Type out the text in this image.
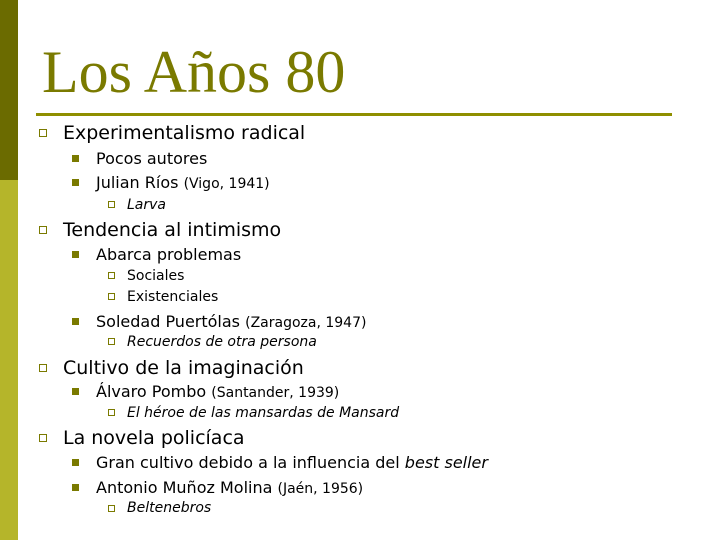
Los Años 80
Experimentalismo radical
Pocos autores
Julian Ríos (Vigo, 1941)
Larva
Tendencia al intimismo
Abarca problemas
Sociales
Existenciales
Soledad Puertólas (Zaragoza, 1947)
Recuerdos de otra persona
Cultivo de la imaginación
Álvaro Pombo (Santander, 1939)
El héroe de las mansardas de Mansard
La novela policíaca
Gran cultivo debido a la influencia del best seller
Antonio Muñoz Molina (Jaén, 1956)
Beltenebros
